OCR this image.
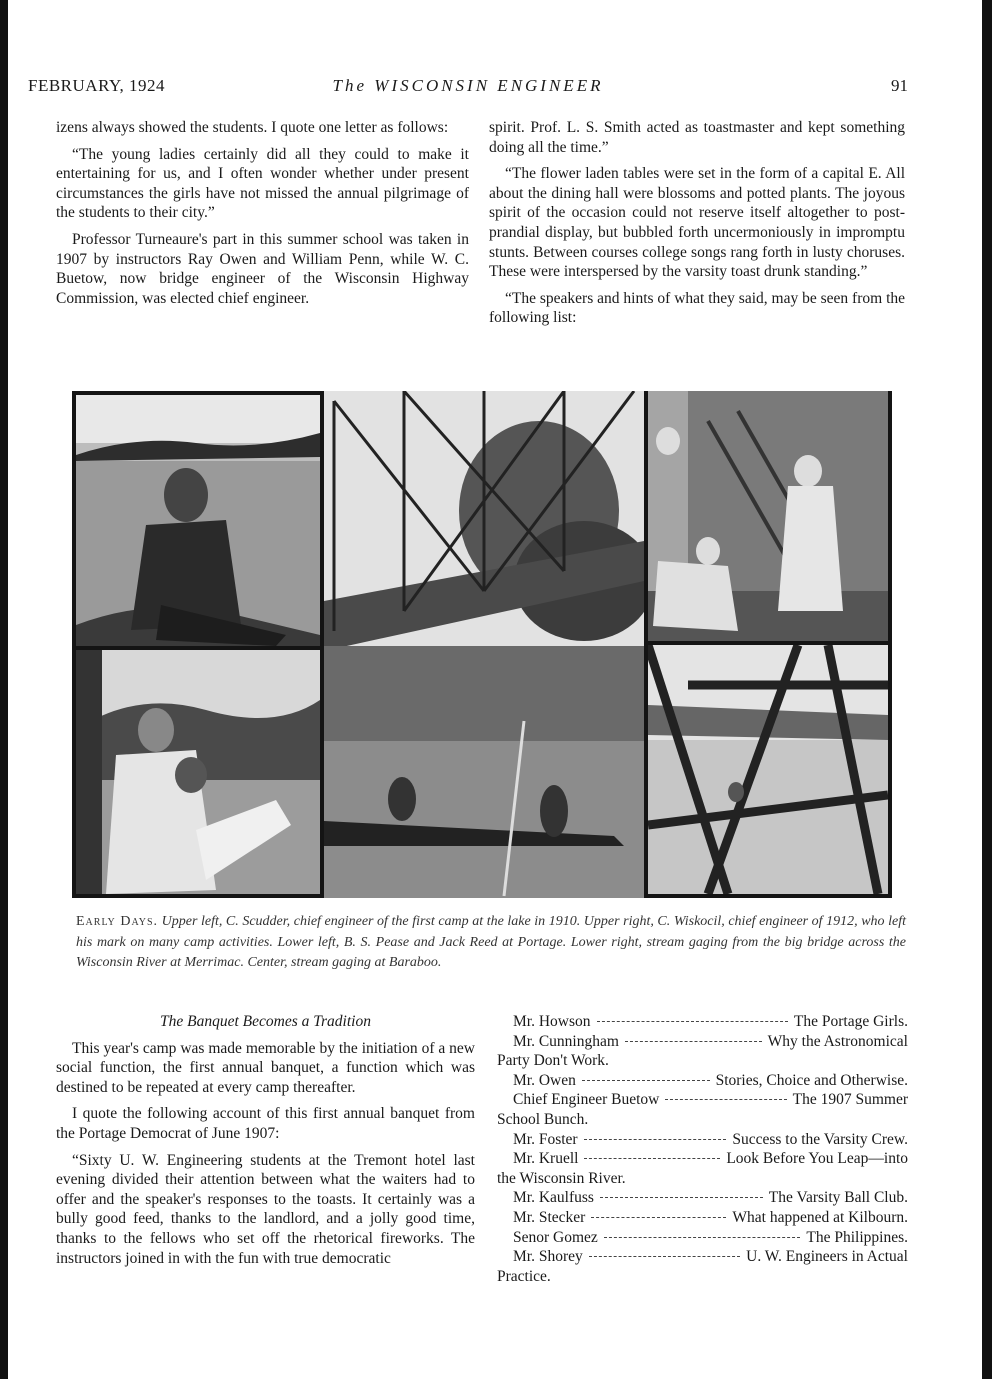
FEBRUARY, 1924	The WISCONSIN ENGINEER	91

izens always showed the students. I quote one letter as follows:

“The young ladies certainly did all they could to make it entertaining for us, and I often wonder whether under present circumstances the girls have not missed the annual pilgrimage of the students to their city.”

Professor Turneaure's part in this summer school was taken in 1907 by instructors Ray Owen and William Penn, while W. C. Buetow, now bridge engineer of the Wisconsin Highway Commission, was elected chief engineer.

spirit. Prof. L. S. Smith acted as toastmaster and kept something doing all the time.”

“The flower laden tables were set in the form of a capital E. All about the dining hall were blossoms and potted plants. The joyous spirit of the occasion could not reserve itself altogether to post-prandial display, but bubbled forth uncermoniously in impromptu stunts. Between courses college songs rang forth in lusty choruses. These were interspersed by the varsity toast drunk standing.”

“The speakers and hints of what they said, may be seen from the following list:

Early Days. Upper left, C. Scudder, chief engineer of the first camp at the lake in 1910. Upper right, C. Wiskocil, chief engineer of 1912, who left his mark on many camp activities. Lower left, B. S. Pease and Jack Reed at Portage. Lower right, stream gaging from the big bridge across the Wisconsin River at Merrimac. Center, stream gaging at Baraboo.

The Banquet Becomes a Tradition

This year's camp was made memorable by the initiation of a new social function, the first annual banquet, a function which was destined to be repeated at every camp thereafter.

I quote the following account of this first annual banquet from the Portage Democrat of June 1907:

“Sixty U. W. Engineering students at the Tremont hotel last evening divided their attention between what the waiters had to offer and the speaker's responses to the toasts. It certainly was a bully good feed, thanks to the landlord, and a jolly good time, thanks to the fellows who set off the rhetorical fireworks. The instructors joined in with the fun with true democratic

Mr. Howson	The Portage Girls.
Mr. Cunningham	Why the Astronomical
Party Don't Work.
Mr. Owen	Stories, Choice and Otherwise.
Chief Engineer Buetow	The 1907 Summer
School Bunch.
Mr. Foster	Success to the Varsity Crew.
Mr. Kruell	Look Before You Leap—into
the Wisconsin River.
Mr. Kaulfuss	The Varsity Ball Club.
Mr. Stecker	What happened at Kilbourn.
Senor Gomez	The Philippines.
Mr. Shorey	U. W. Engineers in Actual
Practice.
